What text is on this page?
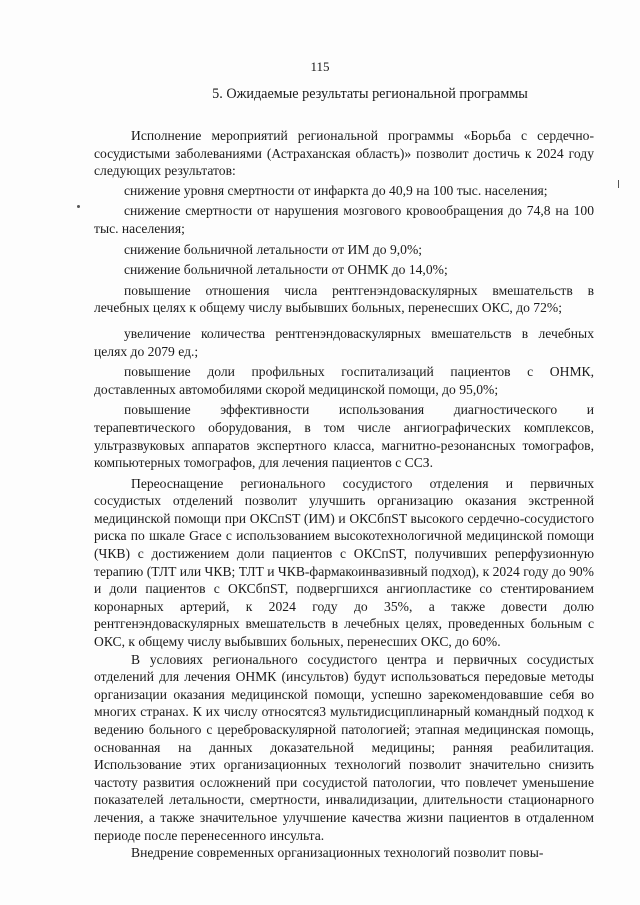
115
5. Ожидаемые результаты региональной программы

Исполнение мероприятий региональной программы «Борьба с сердечно-сосудистыми заболеваниями (Астраханская область)» позволит достичь к 2024 году следующих результатов:

снижение уровня смертности от инфаркта до 40,9 на 100 тыс. населения;

снижение смертности от нарушения мозгового кровообращения до 74,8 на 100 тыс. населения;

снижение больничной летальности от ИМ до 9,0%;

снижение больничной летальности от ОНМК до 14,0%;

повышение отношения числа рентгенэндоваскулярных вмешательств в лечебных целях к общему числу выбывших больных, перенесших ОКС, до 72%;

увеличение количества рентгенэндоваскулярных вмешательств в лечебных целях до 2079 ед.;

повышение доли профильных госпитализаций пациентов с ОНМК, доставленных автомобилями скорой медицинской помощи, до 95,0%;

повышение эффективности использования диагностического и терапевтического оборудования, в том числе ангиографических комплексов, ультразвуковых аппаратов экспертного класса, магнитно-резонансных томографов, компьютерных томографов, для лечения пациентов с ССЗ.

Переоснащение регионального сосудистого отделения и первичных сосудистых отделений позволит улучшить организацию оказания экстренной медицинской помощи при ОКСпST (ИМ) и ОКСбпST высокого сердечно-сосудистого риска по шкале Grace с использованием высокотехнологичной медицинской помощи (ЧКВ) с достижением доли пациентов с ОКСпST, получивших реперфузионную терапию (ТЛТ или ЧКВ; ТЛТ и ЧКВ-фармакоинвазивный подход), к 2024 году до 90% и доли пациентов с ОКСбпST, подвергшихся ангиопластике со стентированием коронарных артерий, к 2024 году до 35%, а также довести долю рентгенэндоваскулярных вмешательств в лечебных целях, проведенных больным с ОКС, к общему числу выбывших больных, перенесших ОКС, до 60%.

В условиях регионального сосудистого центра и первичных сосудистых отделений для лечения ОНМК (инсультов) будут использоваться передовые методы организации оказания медицинской помощи, успешно зарекомендовавшие себя во многих странах. К их числу относятся3 мультидисциплинарный командный подход к ведению больного с цереброваскулярной патологией; этапная медицинская помощь, основанная на данных доказательной медицины; ранняя реабилитация. Использование этих организационных технологий позволит значительно снизить частоту развития осложнений при сосудистой патологии, что повлечет уменьшение показателей летальности, смертности, инвалидизации, длительности стационарного лечения, а также значительное улучшение качества жизни пациентов в отдаленном периоде после перенесенного инсульта.

Внедрение современных организационных технологий позволит повы-
